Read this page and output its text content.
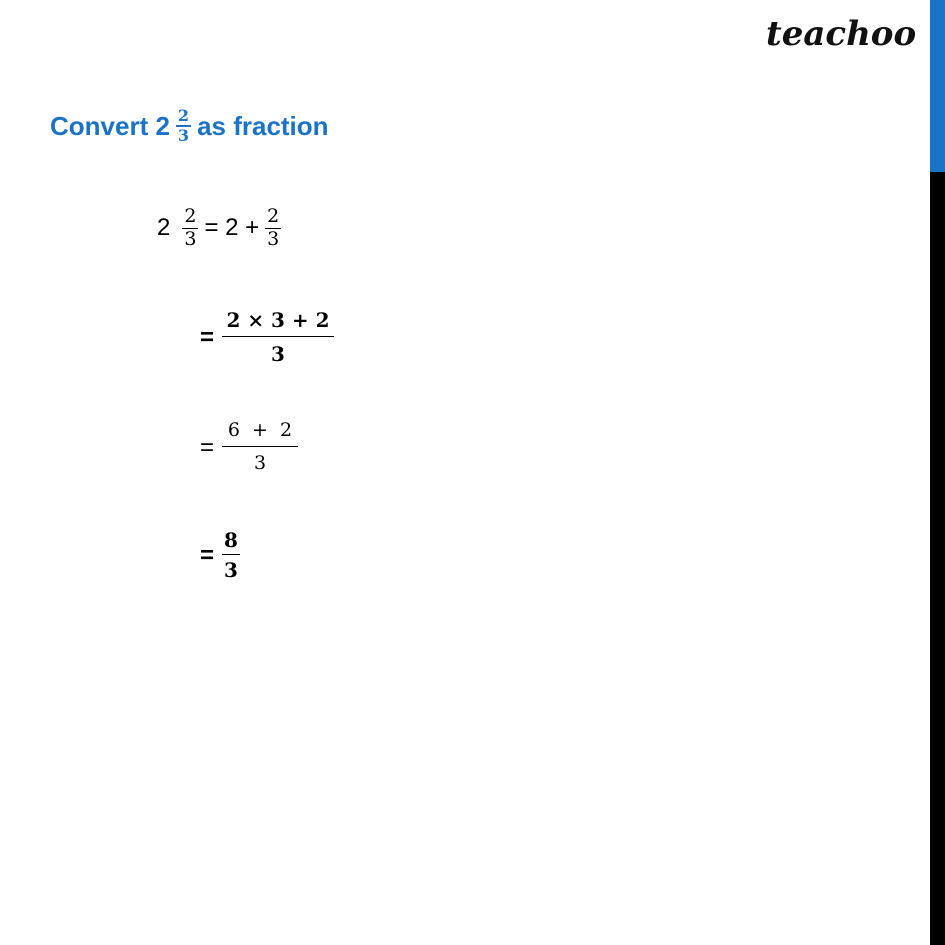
teachoo
Convert $2 \frac{2}{3}$ as fraction
$2 \frac{2}{3} = 2 + \frac{2}{3}$
= $\frac{2 \times 3 + 2}{3}$
= $\frac{6 + 2}{3}$
= $\frac{8}{3}$
